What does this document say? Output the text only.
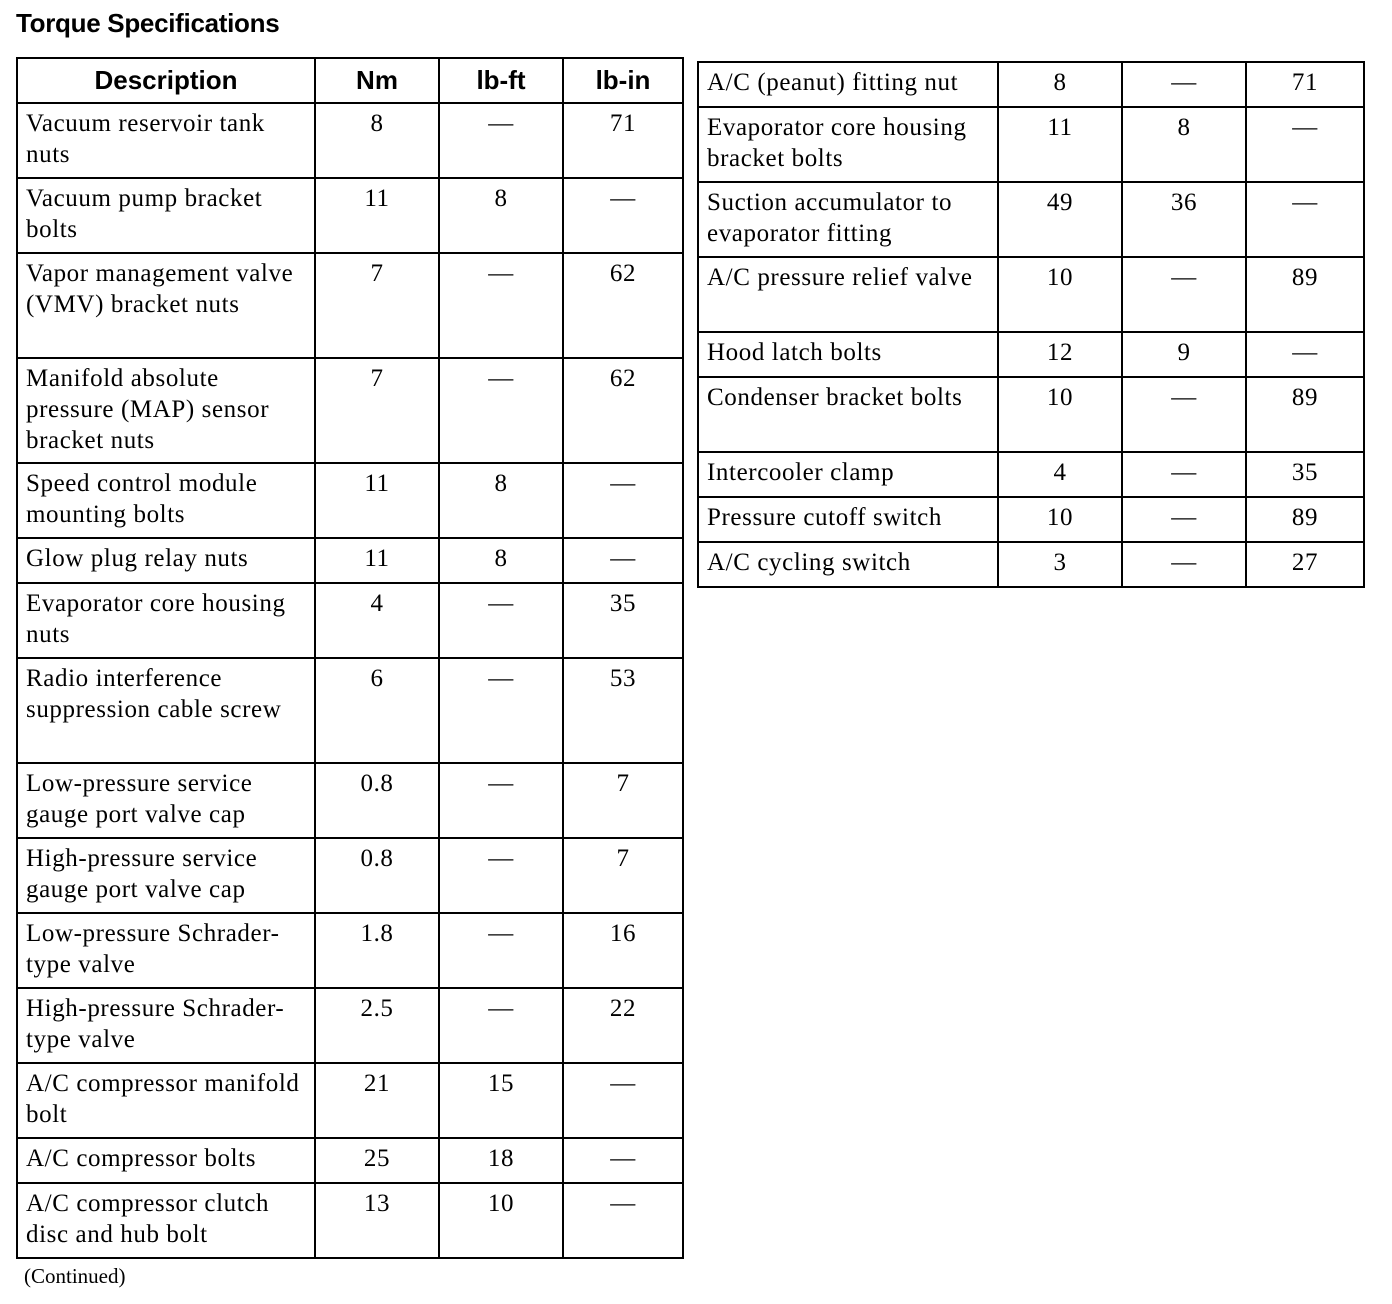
Torque Specifications
Description	Nm	lb-ft	lb-in
Vacuum reservoir tank nuts	8	—	71
Vacuum pump bracket bolts	11	8	—
Vapor management valve (VMV) bracket nuts	7	—	62
Manifold absolute pressure (MAP) sensor bracket nuts	7	—	62
Speed control module mounting bolts	11	8	—
Glow plug relay nuts	11	8	—
Evaporator core housing nuts	4	—	35
Radio interference suppression cable screw	6	—	53
Low-pressure service gauge port valve cap	0.8	—	7
High-pressure service gauge port valve cap	0.8	—	7
Low-pressure Schrader-type valve	1.8	—	16
High-pressure Schrader-type valve	2.5	—	22
A/C compressor manifold bolt	21	15	—
A/C compressor bolts	25	18	—
A/C compressor clutch disc and hub bolt	13	10	—
A/C (peanut) fitting nut	8	—	71
Evaporator core housing bracket bolts	11	8	—
Suction accumulator to evaporator fitting	49	36	—
A/C pressure relief valve	10	—	89
Hood latch bolts	12	9	—
Condenser bracket bolts	10	—	89
Intercooler clamp	4	—	35
Pressure cutoff switch	10	—	89
A/C cycling switch	3	—	27
(Continued)
